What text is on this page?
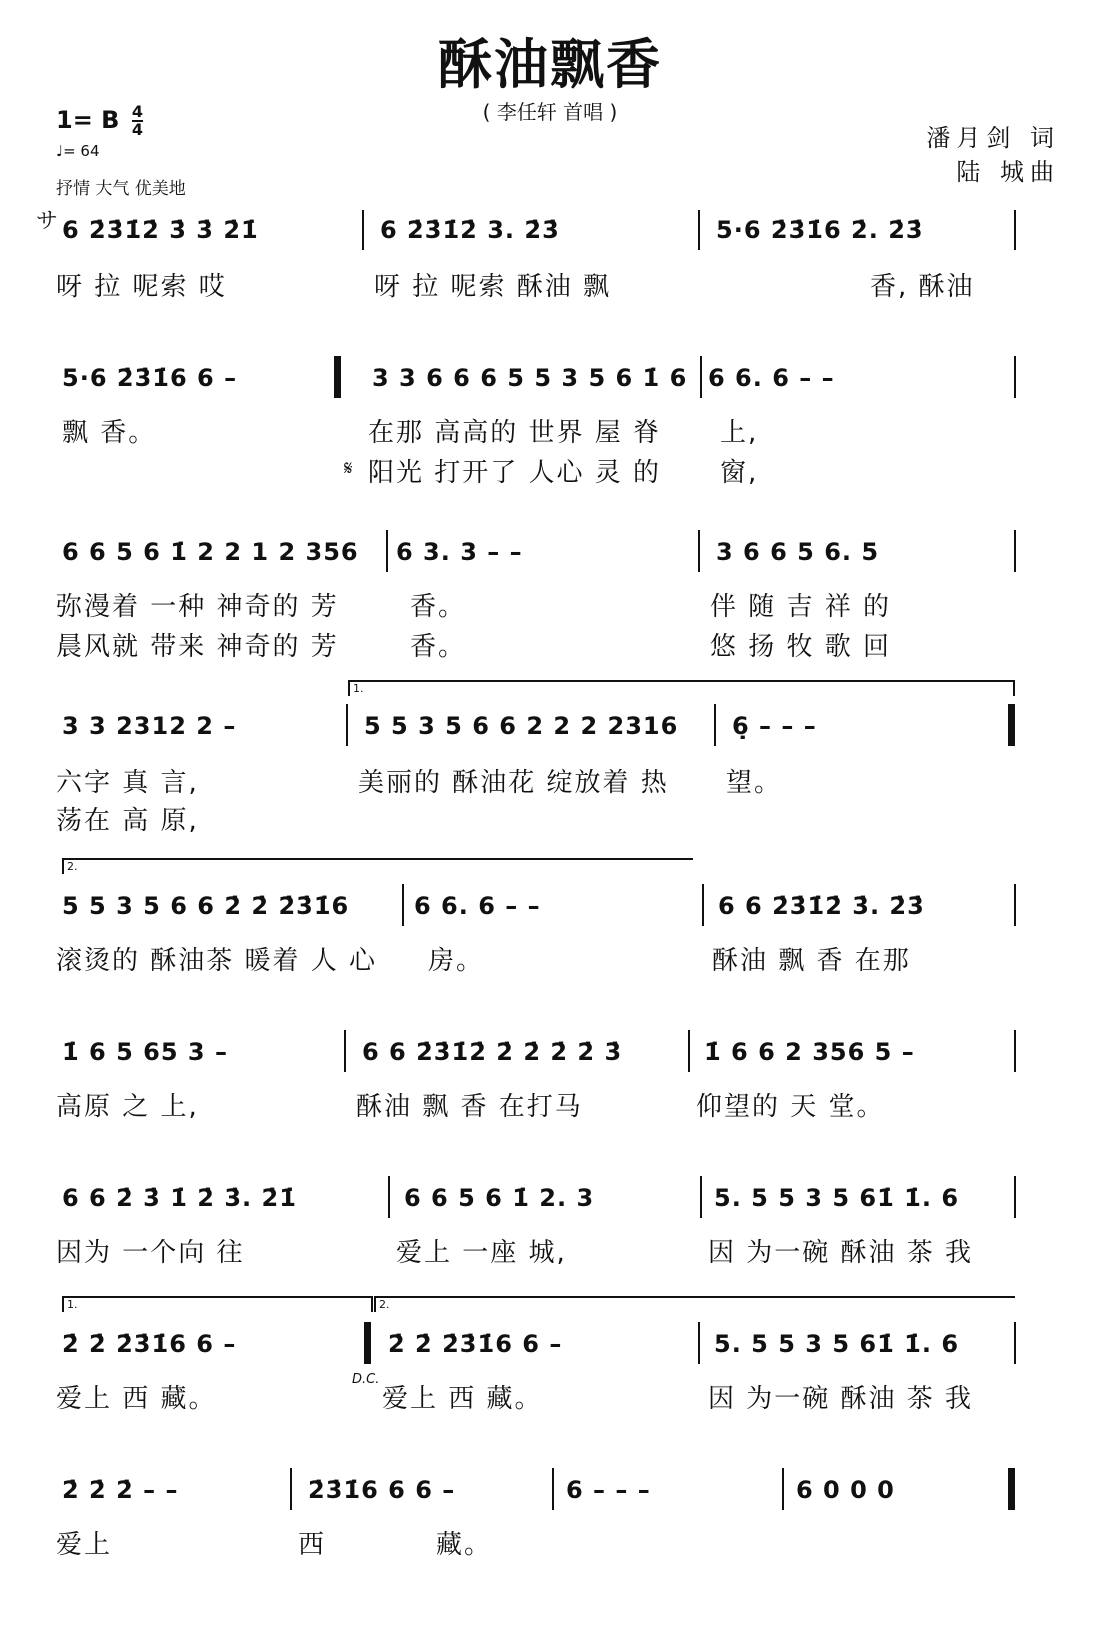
酥油飘香
( 李任轩 首唱 )
潘月剑 词
陆 城曲
1= B $\frac{4}{4}$
♩= 64
抒情 大气 优美地
サ 6 2̇3̇1̇2̇ 3̇ 3̇ 2̇1̇	6 2̇3̇1̇2̇ 3. 2̇3̇	5·6 2̇3̇1̇6 2̇. 2̇3̇
呀 拉 呢索 哎	呀 拉 呢索 酥油 飘	香, 酥油
5·6 2̇3̇1̇6 6 –	3 3 6 6 6 5 5 3 5 6 1̇ 6 6 6. 6 – –
飘 香。	在那 高高的 世界 屋 脊 上,
𝄋 阳光 打开了 人心 灵 的 窗,
6 6 5 6 1̇ 2 2 1 2 356 6 3. 3 – –	3 6 6 5 6. 5
弥漫着 一种 神奇的 芳	香。	伴 随 吉 祥 的
晨风就 带来 神奇的 芳	香。	悠 扬 牧 歌 回
1.
3 3 2312 2 –	5 5 3 5 6 6 2 2 2 2316 6̣ – – –
六字 真 言,	美丽的 酥油花 绽放着 热 望。
荡在 高 原,
2.
5 5 3 5 6 6 2̇ 2̇ 2̇3̇1̇6	6 6. 6 – –	6 6 2̇3̇1̇2̇ 3̇. 2̇3̇
滚烫的 酥油茶 暖着 人 心 房。	酥油 飘 香 在那
1̇ 6 5 65 3 –	6 6 2̇3̇1̇2̇ 2̇ 2̇ 2̇ 2̇ 3̇	1̇ 6 6 2 356 5 –
高原 之 上,	酥油 飘 香 在打马	仰望的 天 堂。
6 6 2̇ 3̇ 1̇ 2̇ 3̇. 2̇1̇	6 6 5 6 1̇ 2. 3	5. 5 5 3 5 61̇ 1̇. 6
因为 一个向 往	爱上 一座 城,	因 为一碗 酥油 茶 我
1.	2.
2̇ 2̇ 2̇3̇1̇6 6 –	2̇ 2̇ 2̇3̇1̇6 6 –	5. 5 5 3 5 61̇ 1̇. 6
D.C.
爱上 西 藏。	爱上 西 藏。	因 为一碗 酥油 茶 我
2̇ 2̇ 2̇ – –	2̇3̇1̇6 6 6 –	6 – – –	6 0 0 0
爱上	西	藏。
